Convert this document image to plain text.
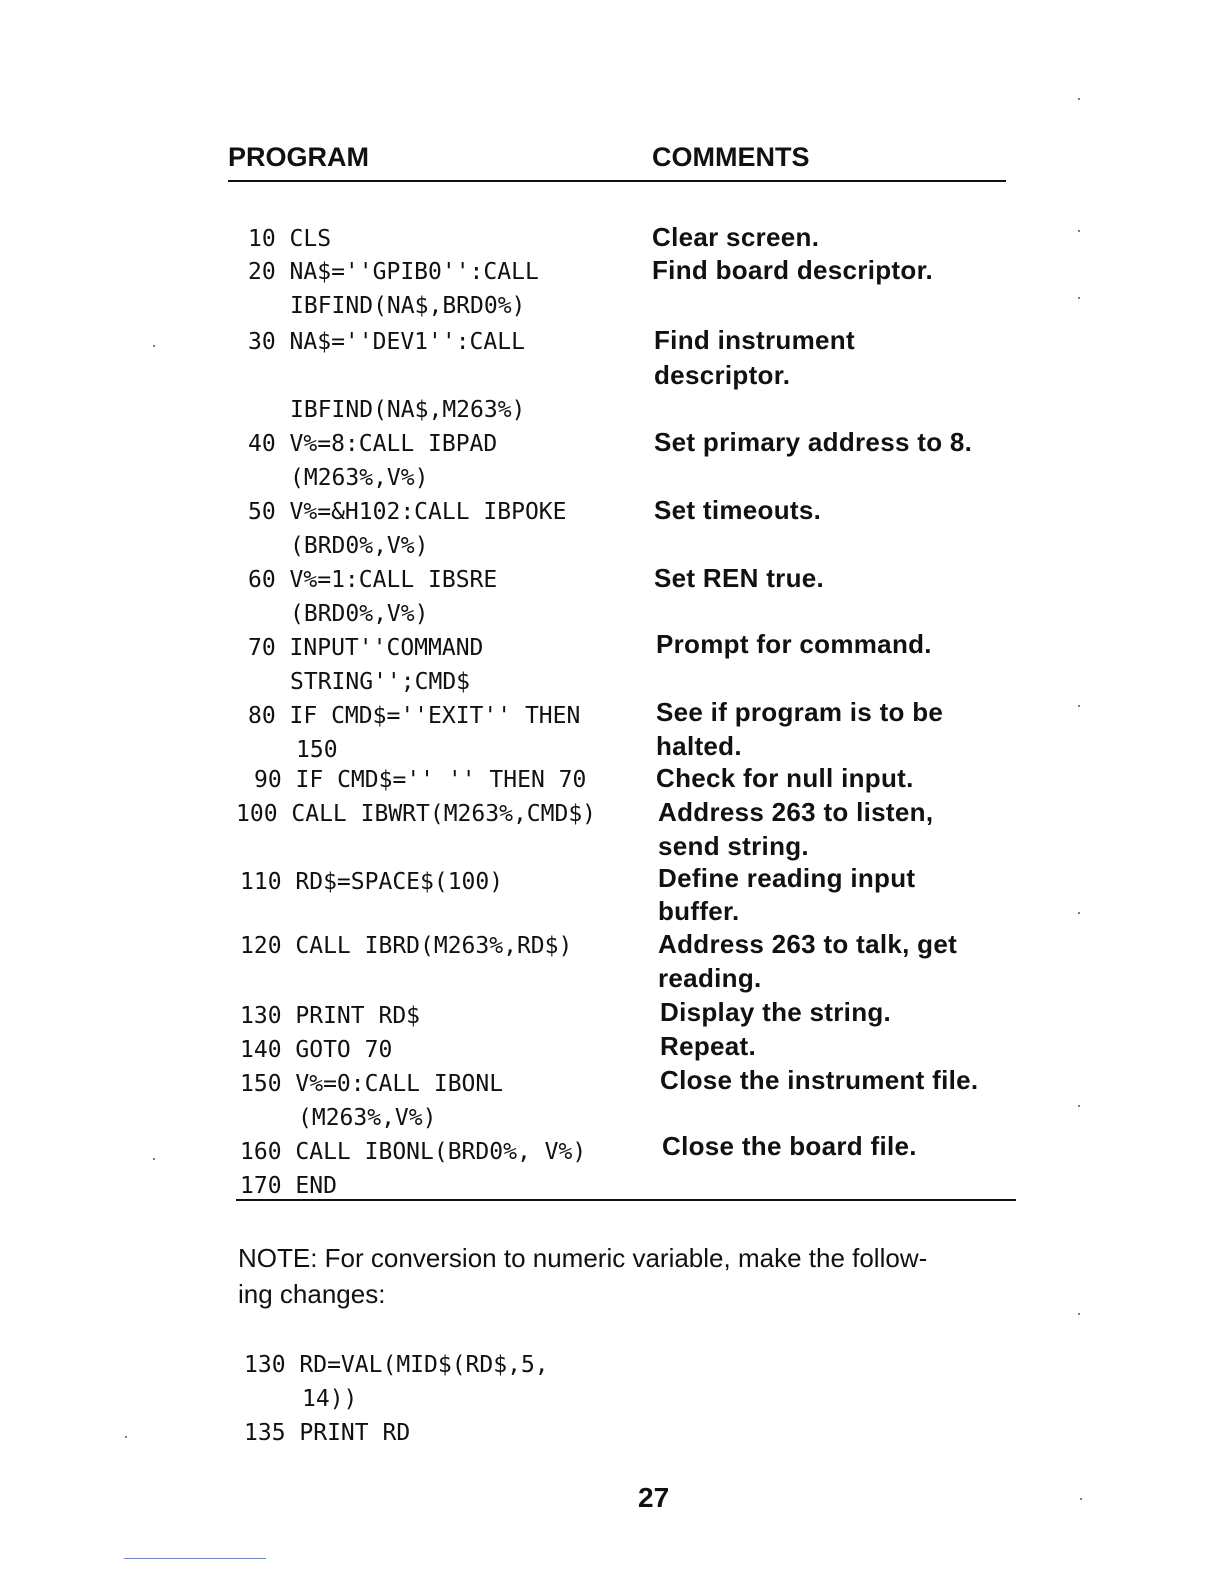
PROGRAM	COMMENTS
10 CLS
20 NA$=''GPIB0'':CALL
IBFIND(NA$,BRD0%)
30 NA$=''DEV1'':CALL
IBFIND(NA$,M263%)
40 V%=8:CALL IBPAD
(M263%,V%)
50 V%=&H102:CALL IBPOKE
(BRD0%,V%)
60 V%=1:CALL IBSRE
(BRD0%,V%)
70 INPUT''COMMAND
STRING'';CMD$
80 IF CMD$=''EXIT'' THEN
150
90 IF CMD$='' '' THEN 70
100 CALL IBWRT(M263%,CMD$)
110 RD$=SPACE$(100)
120 CALL IBRD(M263%,RD$)
130 PRINT RD$
140 GOTO 70
150 V%=0:CALL IBONL
(M263%,V%)
160 CALL IBONL(BRD0%, V%)
170 END
Clear screen.
Find board descriptor.
Find instrument
descriptor.
Set primary address to 8.
Set timeouts.
Set REN true.
Prompt for command.
See if program is to be
halted.
Check for null input.
Address 263 to listen,
send string.
Define reading input
buffer.
Address 263 to talk, get
reading.
Display the string.
Repeat.
Close the instrument file.
Close the board file.
NOTE: For conversion to numeric variable, make the follow-
ing changes:
130 RD=VAL(MID$(RD$,5,
14))
135 PRINT RD
27
